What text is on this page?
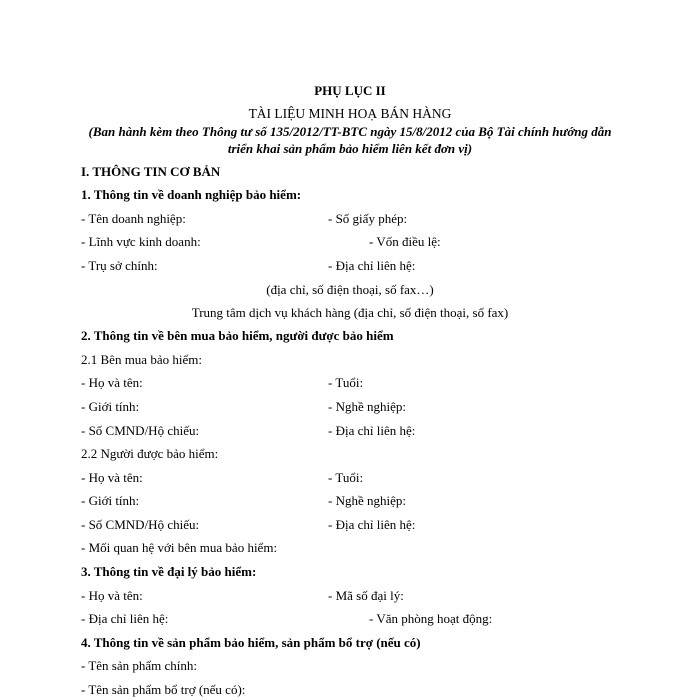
PHỤ LỤC II
TÀI LIỆU MINH HOẠ BÁN HÀNG
(Ban hành kèm theo Thông tư số 135/2012/TT-BTC ngày 15/8/2012 của Bộ Tài chính hướng dẫn
triển khai sản phẩm bảo hiểm liên kết đơn vị)
I. THÔNG TIN CƠ BẢN
1. Thông tin về doanh nghiệp bảo hiểm:
- Tên doanh nghiệp:	- Số giấy phép:
- Lĩnh vực kinh doanh:	- Vốn điều lệ:
- Trụ sở chính:	- Địa chỉ liên hệ:
(địa chỉ, số điện thoại, số fax…)
Trung tâm dịch vụ khách hàng (địa chỉ, số điện thoại, số fax)
2. Thông tin về bên mua bảo hiểm, người được bảo hiểm
2.1 Bên mua bảo hiểm:
- Họ và tên:	- Tuổi:
- Giới tính:	- Nghề nghiệp:
- Số CMND/Hộ chiếu:	- Địa chỉ liên hệ:
2.2 Người được bảo hiểm:
- Họ và tên:	- Tuổi:
- Giới tính:	- Nghề nghiệp:
- Số CMND/Hộ chiếu:	- Địa chỉ liên hệ:
- Mối quan hệ với bên mua bảo hiểm:
3. Thông tin về đại lý bảo hiểm:
- Họ và tên:	- Mã số đại lý:
- Địa chỉ liên hệ:	- Văn phòng hoạt động:
4. Thông tin về sản phẩm bảo hiểm, sản phẩm bổ trợ (nếu có)
- Tên sản phẩm chính:
- Tên sản phẩm bổ trợ (nếu có):
